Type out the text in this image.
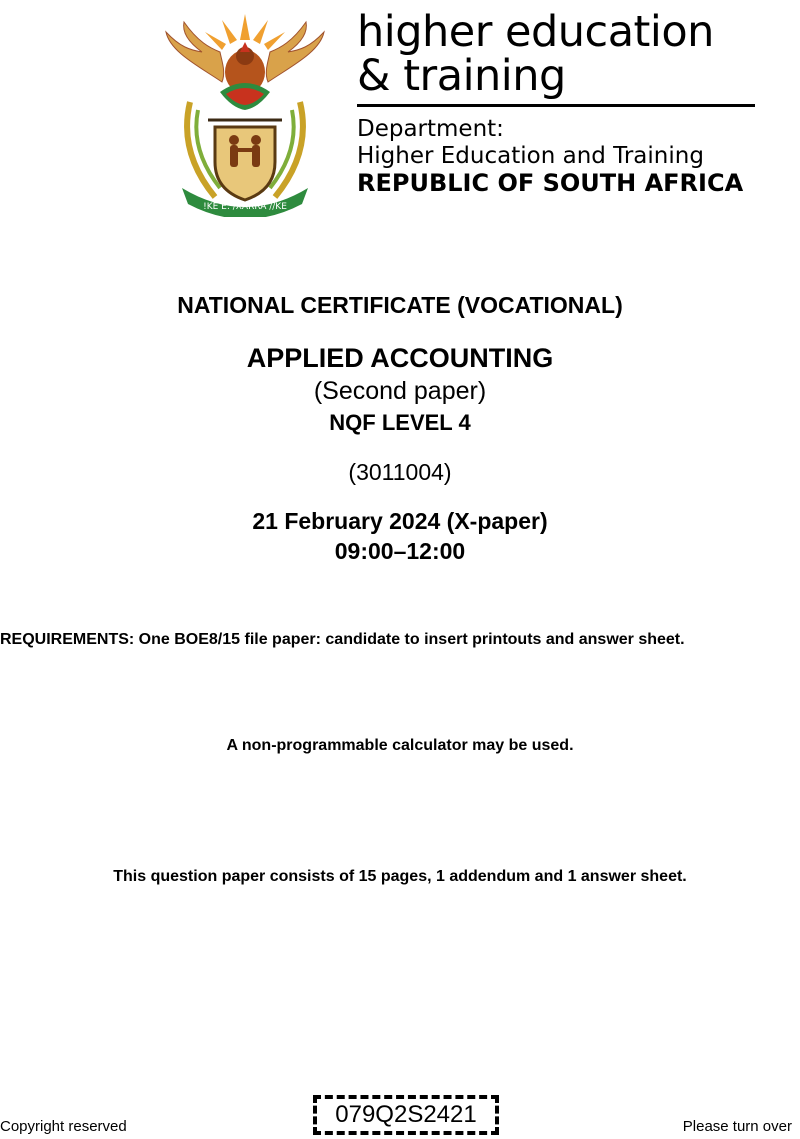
!KE E: /XARRA //KE
higher education
& training
Department:
Higher Education and Training
REPUBLIC OF SOUTH AFRICA
NATIONAL CERTIFICATE (VOCATIONAL)
APPLIED ACCOUNTING
(Second paper)
NQF LEVEL 4
(3011004)
21 February 2024 (X-paper)
09:00–12:00
REQUIREMENTS: One BOE8/15 file paper: candidate to insert printouts and answer sheet.
A non-programmable calculator may be used.
This question paper consists of 15 pages, 1 addendum and 1 answer sheet.
Copyright reserved	079Q2S2421	Please turn over
